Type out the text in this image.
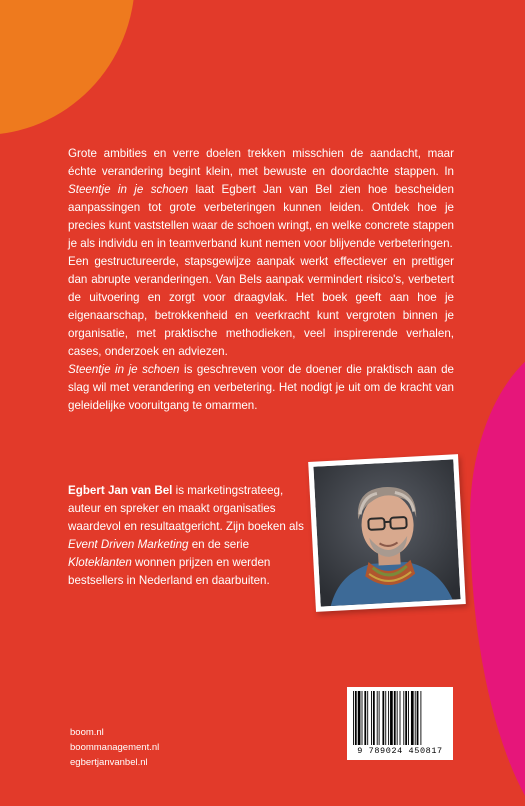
Grote ambities en verre doelen trekken misschien de aandacht, maar échte verandering begint klein, met bewuste en doordachte stappen. In Steentje in je schoen laat Egbert Jan van Bel zien hoe bescheiden aanpassingen tot grote verbeteringen kunnen leiden. Ontdek hoe je precies kunt vaststellen waar de schoen wringt, en welke concrete stappen je als individu en in teamverband kunt nemen voor blijvende verbeteringen.

Een gestructureerde, stapsgewijze aanpak werkt effectiever en prettiger dan abrupte veranderingen. Van Bels aanpak vermindert risico's, verbetert de uitvoering en zorgt voor draagvlak. Het boek geeft aan hoe je eigenaarschap, betrokkenheid en veerkracht kunt vergroten binnen je organisatie, met praktische methodieken, veel inspirerende verhalen, cases, onderzoek en adviezen.

Steentje in je schoen is geschreven voor de doener die praktisch aan de slag wil met verandering en verbetering. Het nodigt je uit om de kracht van geleidelijke vooruitgang te omarmen.

Egbert Jan van Bel is marketingstrateeg, auteur en spreker en maakt organisaties waardevol en resultaatgericht. Zijn boeken als Event Driven Marketing en de serie Kloteklanten wonnen prijzen en werden bestsellers in Nederland en daarbuiten.
9 789024 450817
boom.nl
boommanagement.nl
egbertjanvanbel.nl
